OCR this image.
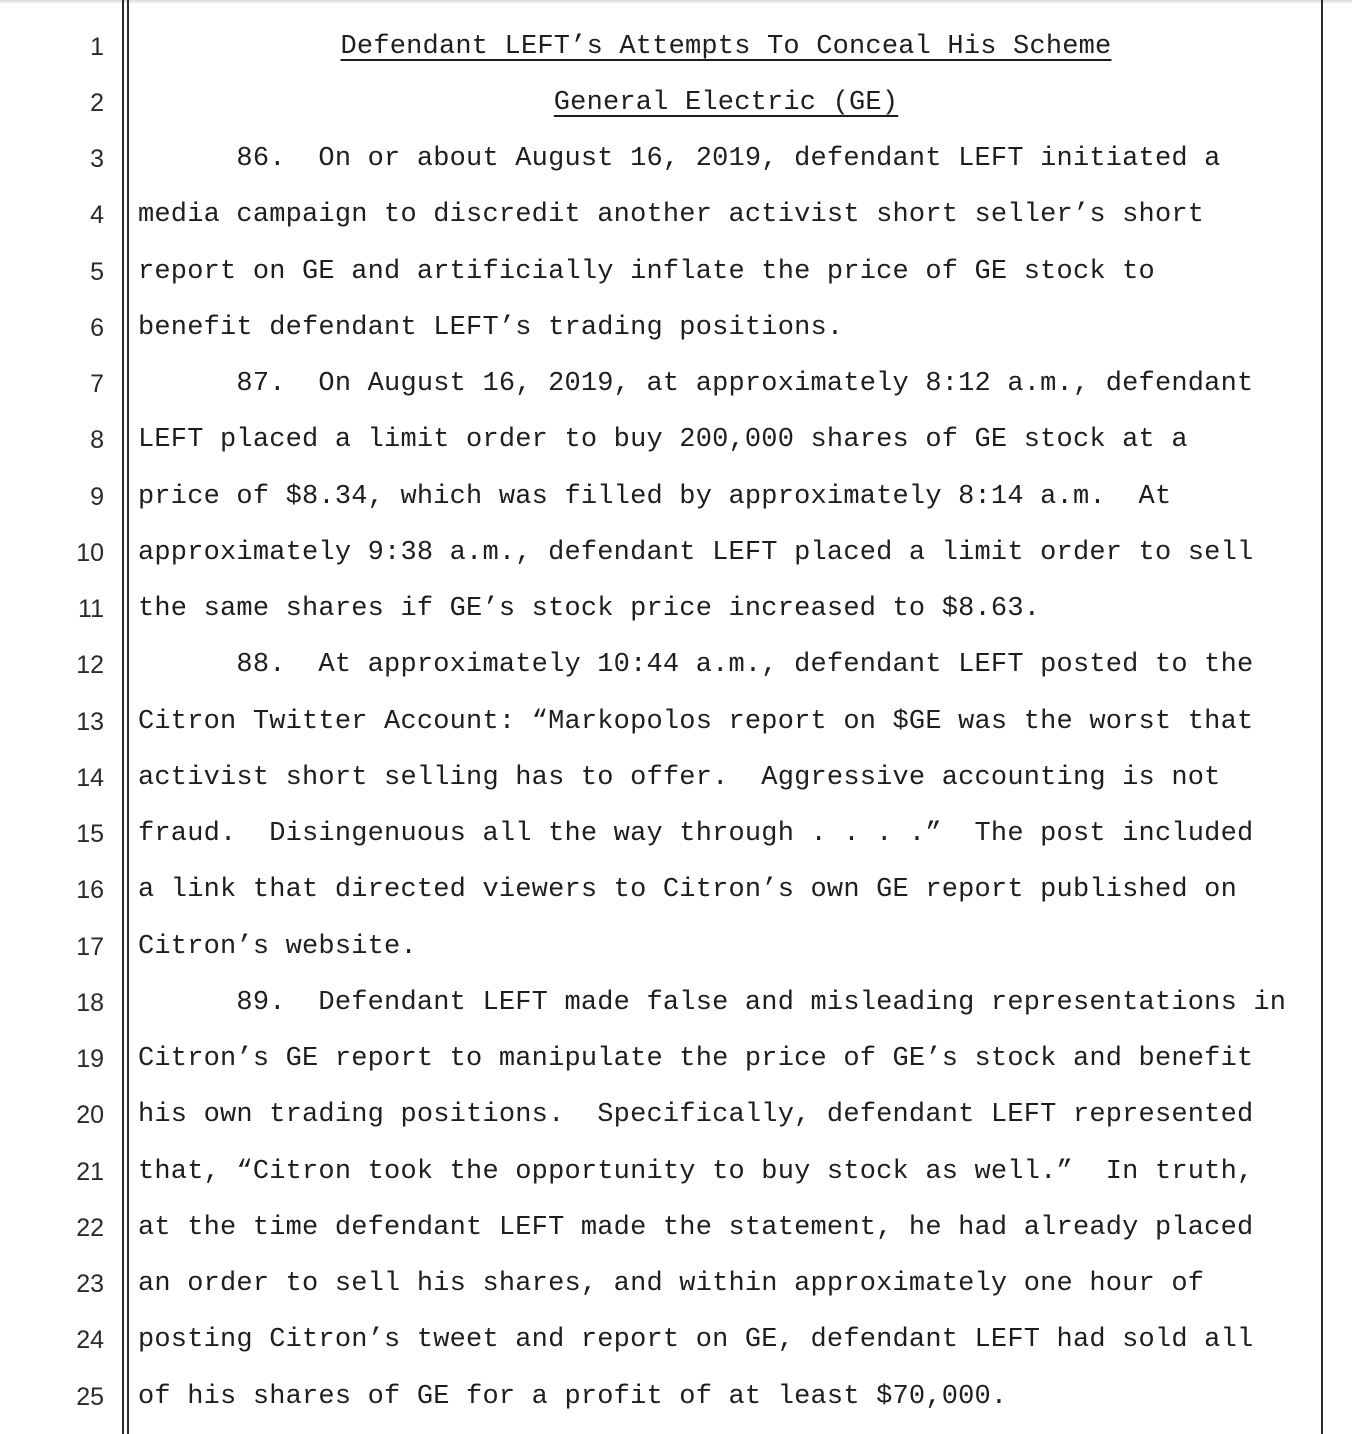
1
2
3
4
5
6
7
8
9
10
11
12
13
14
15
16
17
18
19
20
21
22
23
24
25
Defendant LEFT’s Attempts To Conceal His Scheme
General Electric (GE)
86.  On or about August 16, 2019, defendant LEFT initiated a
media campaign to discredit another activist short seller’s short
report on GE and artificially inflate the price of GE stock to
benefit defendant LEFT’s trading positions.
87.  On August 16, 2019, at approximately 8:12 a.m., defendant
LEFT placed a limit order to buy 200,000 shares of GE stock at a
price of $8.34, which was filled by approximately 8:14 a.m.  At
approximately 9:38 a.m., defendant LEFT placed a limit order to sell
the same shares if GE’s stock price increased to $8.63.
88.  At approximately 10:44 a.m., defendant LEFT posted to the
Citron Twitter Account: “Markopolos report on $GE was the worst that
activist short selling has to offer.  Aggressive accounting is not
fraud.  Disingenuous all the way through . . . .”  The post included
a link that directed viewers to Citron’s own GE report published on
Citron’s website.
89.  Defendant LEFT made false and misleading representations in
Citron’s GE report to manipulate the price of GE’s stock and benefit
his own trading positions.  Specifically, defendant LEFT represented
that, “Citron took the opportunity to buy stock as well.”  In truth,
at the time defendant LEFT made the statement, he had already placed
an order to sell his shares, and within approximately one hour of
posting Citron’s tweet and report on GE, defendant LEFT had sold all
of his shares of GE for a profit of at least $70,000.
